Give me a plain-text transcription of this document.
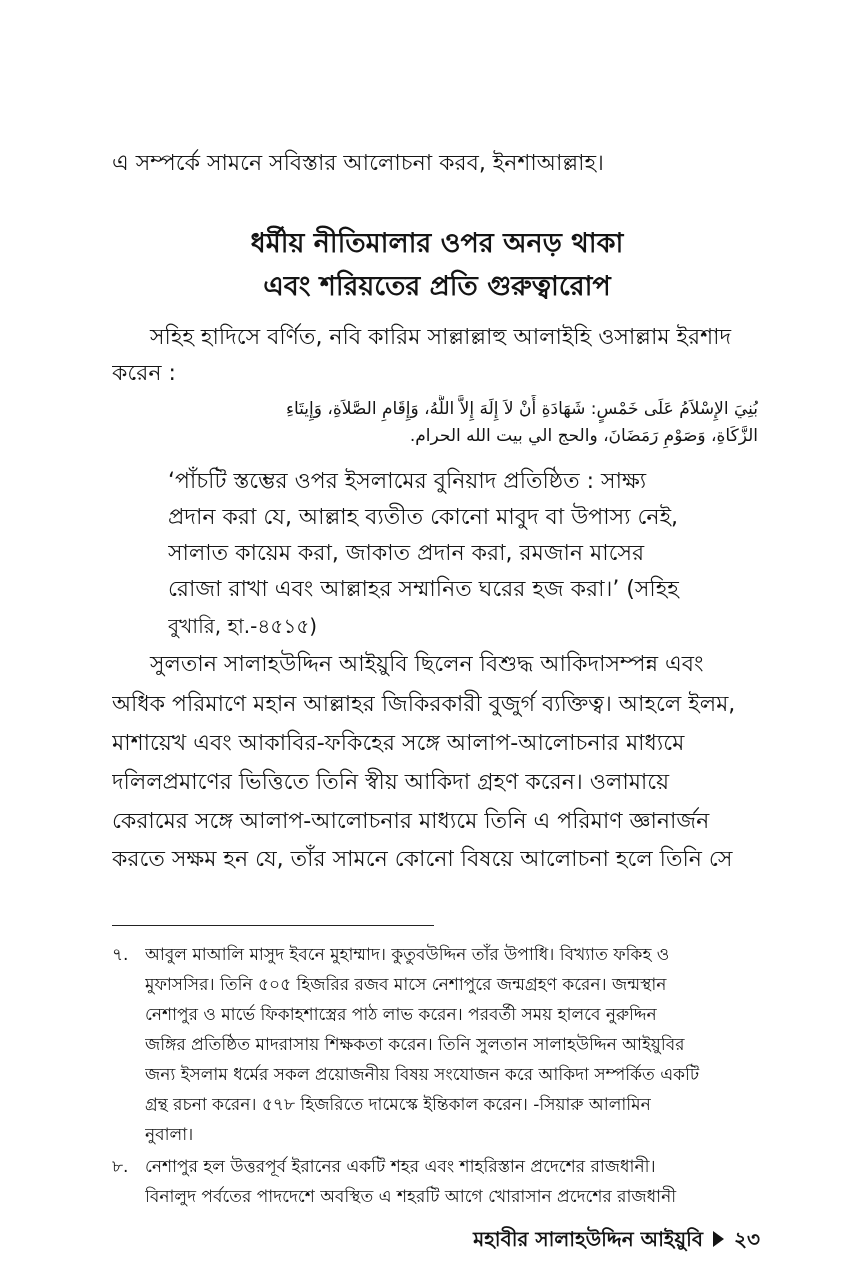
এ সম্পর্কে সামনে সবিস্তার আলোচনা করব, ইনশাআল্লাহ।
ধর্মীয় নীতিমালার ওপর অনড় থাকা
এবং শরিয়তের প্রতি গুরুত্বারোপ
সহিহ হাদিসে বর্ণিত, নবি কারিম সাল্লাল্লাহু আলাইহি ওসাল্লাম ইরশাদ
করেন :
بُنِيَ الإِسْلاَمُ عَلَى خَمْسٍ: شَهَادَةِ أَنْ لاَ إِلَهَ إِلاَّ اللَّهُ، وَإِقَامِ الصَّلاَةِ، وَإِيتَاءِ
الزَّكَاةِ، وَصَوْمِ رَمَضَانَ، والحج الي بيت الله الحرام.
‘পাঁচটি স্তম্ভের ওপর ইসলামের বুনিয়াদ প্রতিষ্ঠিত : সাক্ষ্য
প্রদান করা যে, আল্লাহ ব্যতীত কোনো মাবুদ বা উপাস্য নেই,
সালাত কায়েম করা, জাকাত প্রদান করা, রমজান মাসের
রোজা রাখা এবং আল্লাহর সম্মানিত ঘরের হজ করা।’ (সহিহ
বুখারি, হা.-৪৫১৫)
সুলতান সালাহউদ্দিন আইয়ুবি ছিলেন বিশুদ্ধ আকিদাসম্পন্ন এবং
অধিক পরিমাণে মহান আল্লাহর জিকিরকারী বুজুর্গ ব্যক্তিত্ব। আহলে ইলম,
মাশায়েখ এবং আকাবির-ফকিহের সঙ্গে আলাপ-আলোচনার মাধ্যমে
দলিলপ্রমাণের ভিত্তিতে তিনি স্বীয় আকিদা গ্রহণ করেন। ওলামায়ে
কেরামের সঙ্গে আলাপ-আলোচনার মাধ্যমে তিনি এ পরিমাণ জ্ঞানার্জন
করতে সক্ষম হন যে, তাঁর সামনে কোনো বিষয়ে আলোচনা হলে তিনি সে
৭. আবুল মাআলি মাসুদ ইবনে মুহাম্মাদ। কুতুবউদ্দিন তাঁর উপাধি। বিখ্যাত ফকিহ ও
মুফাসসির। তিনি ৫০৫ হিজরির রজব মাসে নেশাপুরে জন্মগ্রহণ করেন। জন্মস্থান
নেশাপুর ও মার্ভে ফিকাহশাস্ত্রের পাঠ লাভ করেন। পরবর্তী সময় হালবে নুরুদ্দিন
জঙ্গির প্রতিষ্ঠিত মাদরাসায় শিক্ষকতা করেন। তিনি সুলতান সালাহউদ্দিন আইয়ুবির
জন্য ইসলাম ধর্মের সকল প্রয়োজনীয় বিষয় সংযোজন করে আকিদা সম্পর্কিত একটি
গ্রন্থ রচনা করেন। ৫৭৮ হিজরিতে দামেস্কে ইন্তিকাল করেন। -সিয়ারু আলামিন
নুবালা।
৮. নেশাপুর হল উত্তরপূর্ব ইরানের একটি শহর এবং শাহরিস্তান প্রদেশের রাজধানী।
বিনালুদ পর্বতের পাদদেশে অবস্থিত এ শহরটি আগে খোরাসান প্রদেশের রাজধানী
মহাবীর সালাহউদ্দিন আইয়ুবি ২৩
